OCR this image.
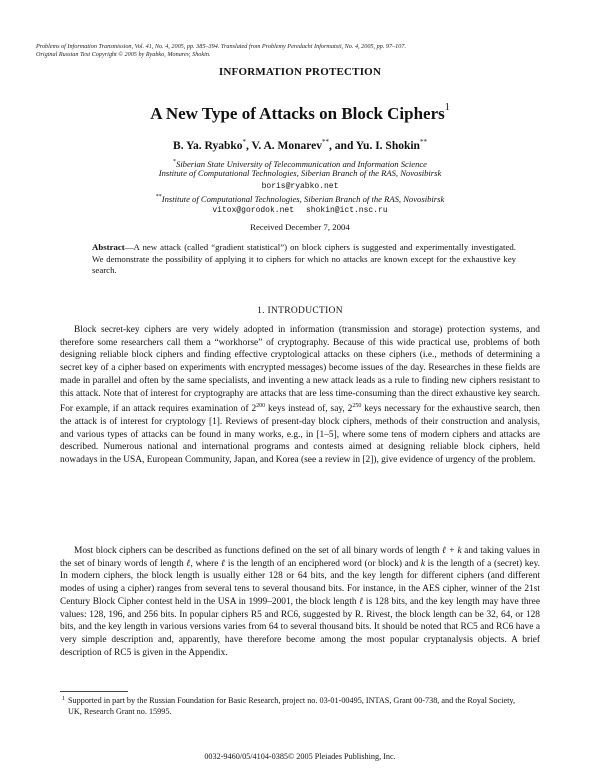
Problems of Information Transmission, Vol. 41, No. 4, 2005, pp. 385–394. Translated from Problemy Peredachi Informatsii, No. 4, 2005, pp. 97–107.
Original Russian Text Copyright © 2005 by Ryabko, Monarev, Shokin.
INFORMATION PROTECTION
A New Type of Attacks on Block Ciphers$^1$
B. Ya. Ryabko*, V. A. Monarev**, and Yu. I. Shokin**
*Siberian State University of Telecommunication and Information Science
Institute of Computational Technologies, Siberian Branch of the RAS, Novosibirsk
boris@ryabko.net
**Institute of Computational Technologies, Siberian Branch of the RAS, Novosibirsk
vitox@gorodok.net shokin@ict.nsc.ru
Received December 7, 2004
Abstract—A new attack (called “gradient statistical”) on block ciphers is suggested and experimentally investigated. We demonstrate the possibility of applying it to ciphers for which no attacks are known except for the exhaustive key search.
1. INTRODUCTION

Block secret-key ciphers are very widely adopted in information (transmission and storage) protection systems, and therefore some researchers call them a “workhorse” of cryptography. Because of this wide practical use, problems of both designing reliable block ciphers and finding effective cryptological attacks on these ciphers (i.e., methods of determining a secret key of a cipher based on experiments with encrypted messages) become issues of the day. Researches in these fields are made in parallel and often by the same specialists, and inventing a new attack leads as a rule to finding new ciphers resistant to this attack. Note that of interest for cryptography are attacks that are less time-consuming than the direct exhaustive key search. For example, if an attack requires examination of $2^{200}$ keys instead of, say, $2^{250}$ keys necessary for the exhaustive search, then the attack is of interest for cryptology [1]. Reviews of present-day block ciphers, methods of their construction and analysis, and various types of attacks can be found in many works, e.g., in [1–5], where some tens of modern ciphers and attacks are described. Numerous national and international programs and contests aimed at designing reliable block ciphers, held nowadays in the USA, European Community, Japan, and Korea (see a review in [2]), give evidence of urgency of the problem.

Most block ciphers can be described as functions defined on the set of all binary words of length ℓ + k and taking values in the set of binary words of length ℓ, where ℓ is the length of an enciphered word (or block) and k is the length of a (secret) key. In modern ciphers, the block length is usually either 128 or 64 bits, and the key length for different ciphers (and different modes of using a cipher) ranges from several tens to several thousand bits. For instance, in the AES cipher, winner of the 21st Century Block Cipher contest held in the USA in 1999–2001, the block length ℓ is 128 bits, and the key length may have three values: 128, 196, and 256 bits. In popular ciphers R5 and RC6, suggested by R. Rivest, the block length can be 32, 64, or 128 bits, and the key length in various versions varies from 64 to several thousand bits. It should be noted that RC5 and RC6 have a very simple description and, apparently, have therefore become among the most popular cryptanalysis objects. A brief description of RC5 is given in the Appendix.

$^1$ Supported in part by the Russian Foundation for Basic Research, project no. 03-01-00495, INTAS, Grant 00-738, and the Royal Society, UK, Research Grant no. 15995.
0032-9460/05/4104-0385© 2005 Pleiades Publishing, Inc.
